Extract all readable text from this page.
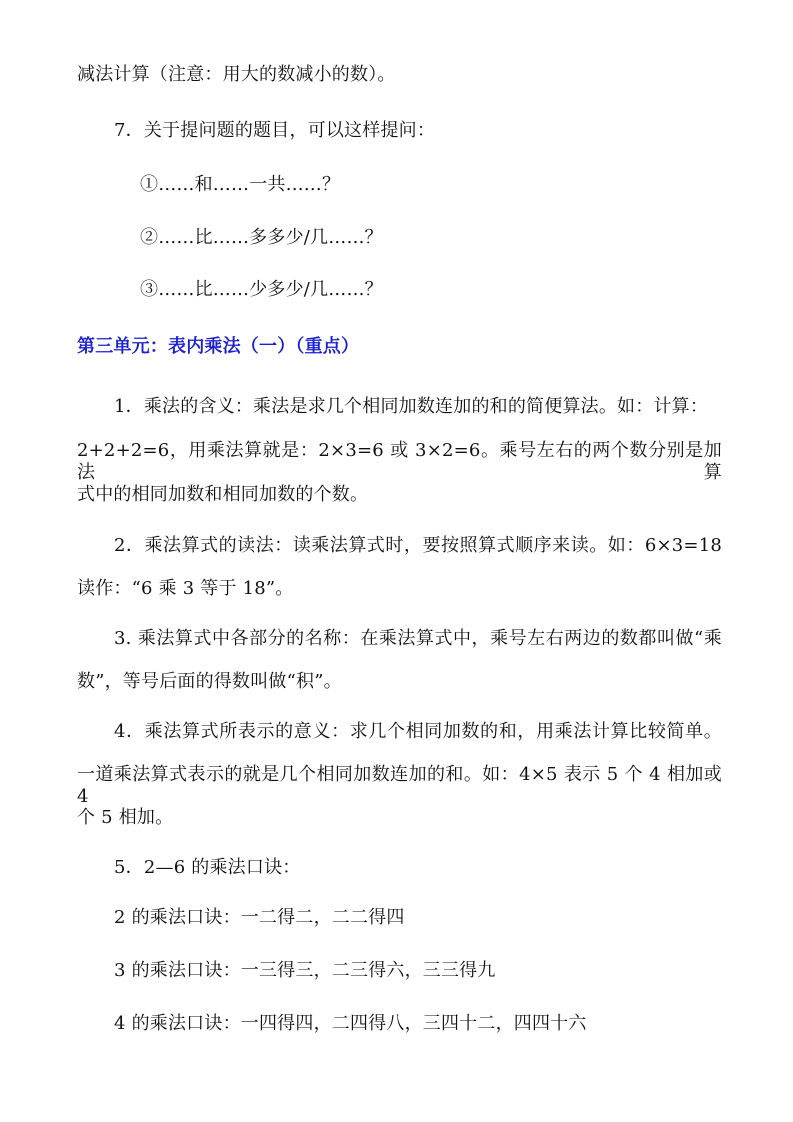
减法计算（注意：用大的数减小的数）。
7．关于提问题的题目，可以这样提问：
①……和……一共……？
②……比……多多少/几……？
③……比……少多少/几……？
第三单元：表内乘法（一）（重点）
1．乘法的含义：乘法是求几个相同加数连加的和的简便算法。如：计算：
2+2+2=6，用乘法算就是：2×3=6 或 3×2=6。乘号左右的两个数分别是加法算
式中的相同加数和相同加数的个数。
2．乘法算式的读法：读乘法算式时，要按照算式顺序来读。如：6×3=18
读作：“6 乘 3 等于 18”。
3. 乘法算式中各部分的名称：在乘法算式中，乘号左右两边的数都叫做“乘
数”，等号后面的得数叫做“积”。
4．乘法算式所表示的意义：求几个相同加数的和，用乘法计算比较简单。
一道乘法算式表示的就是几个相同加数连加的和。如：4×5 表示 5 个 4 相加或 4
个 5 相加。
5．2—6 的乘法口诀：
2 的乘法口诀：一二得二，二二得四
3 的乘法口诀：一三得三，二三得六，三三得九
4 的乘法口诀：一四得四，二四得八，三四十二，四四十六
